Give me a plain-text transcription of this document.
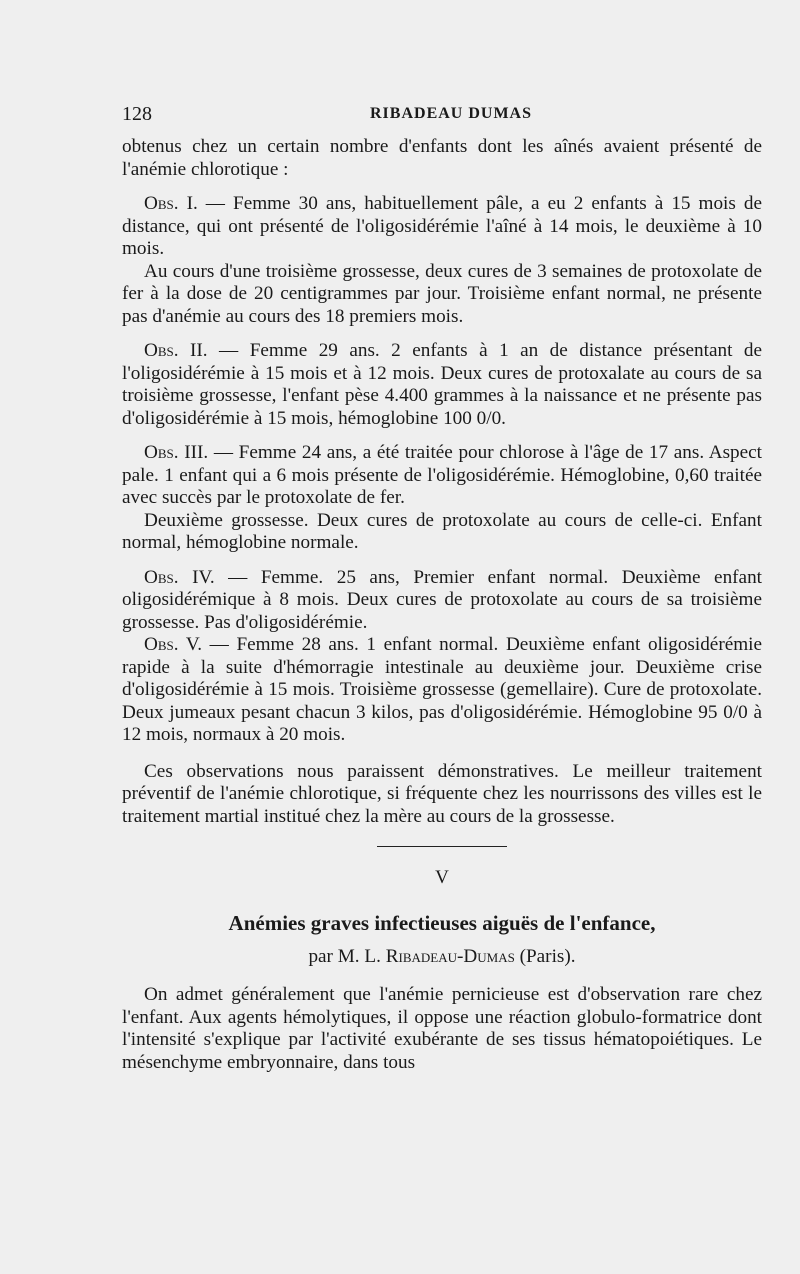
128	RIBADEAU DUMAS

obtenus chez un certain nombre d'enfants dont les aînés avaient présenté de l'anémie chlorotique :

Obs. I. — Femme 30 ans, habituellement pâle, a eu 2 enfants à 15 mois de distance, qui ont présenté de l'oligosidérémie l'aîné à 14 mois, le deuxième à 10 mois.

Au cours d'une troisième grossesse, deux cures de 3 semaines de protoxolate de fer à la dose de 20 centigrammes par jour. Troisième enfant normal, ne présente pas d'anémie au cours des 18 premiers mois.

Obs. II. — Femme 29 ans. 2 enfants à 1 an de distance présentant de l'oligosidérémie à 15 mois et à 12 mois. Deux cures de protoxalate au cours de sa troisième grossesse, l'enfant pèse 4.400 grammes à la naissance et ne présente pas d'oligosidérémie à 15 mois, hémoglobine 100 0/0.

Obs. III. — Femme 24 ans, a été traitée pour chlorose à l'âge de 17 ans. Aspect pale. 1 enfant qui a 6 mois présente de l'oligosidérémie. Hémoglobine, 0,60 traitée avec succès par le protoxolate de fer.

Deuxième grossesse. Deux cures de protoxolate au cours de celle-ci. Enfant normal, hémoglobine normale.

Obs. IV. — Femme. 25 ans, Premier enfant normal. Deuxième enfant oligosidérémique à 8 mois. Deux cures de protoxolate au cours de sa troisième grossesse. Pas d'oligosidérémie.

Obs. V. — Femme 28 ans. 1 enfant normal. Deuxième enfant oligosidérémie rapide à la suite d'hémorragie intestinale au deuxième jour. Deuxième crise d'oligosidérémie à 15 mois. Troisième grossesse (gemellaire). Cure de protoxolate. Deux jumeaux pesant chacun 3 kilos, pas d'oligosidérémie. Hémoglobine 95 0/0 à 12 mois, normaux à 20 mois.

Ces observations nous paraissent démonstratives. Le meilleur traitement préventif de l'anémie chlorotique, si fréquente chez les nourrissons des villes est le traitement martial institué chez la mère au cours de la grossesse.

V
Anémies graves infectieuses aiguës de l'enfance,
par M. L. Ribadeau-Dumas (Paris).

On admet généralement que l'anémie pernicieuse est d'observation rare chez l'enfant. Aux agents hémolytiques, il oppose une réaction globulo-formatrice dont l'intensité s'explique par l'activité exubérante de ses tissus hématopoiétiques. Le mésenchyme embryonnaire, dans tous
